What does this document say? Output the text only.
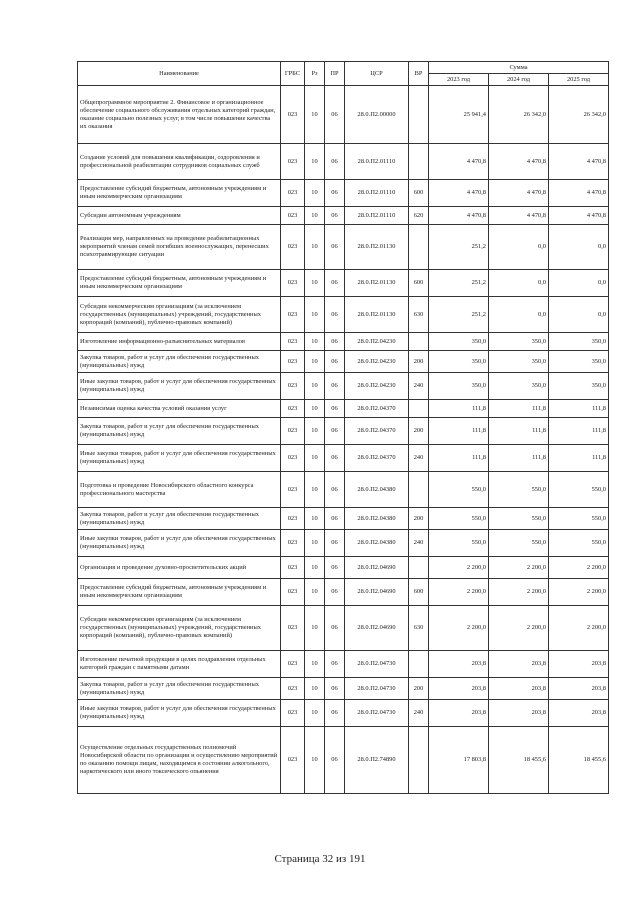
Наименование	ГРБС	Рз	ПР	ЦСР	ВР	Сумма		
						2023 год	2024 год	2025 год
Общепрограммное мероприятие 2. Финансовое и организационное обеспечение социального обслуживания отдельных категорий граждан, оказание социально полезных услуг, в том числе повышение качества их оказания	023	10	06	28.0.П2.00000		25 941,4	26 342,0	26 342,0
Создание условий для повышения квалификации, оздоровления и профессиональной реабилитации сотрудников социальных служб	023	10	06	28.0.П2.01110		4 470,8	4 470,8	4 470,8
Предоставление субсидий бюджетным, автономным учреждениям и иным некоммерческим организациям	023	10	06	28.0.П2.01110	600	4 470,8	4 470,8	4 470,8
Субсидии автономным учреждениям	023	10	06	28.0.П2.01110	620	4 470,8	4 470,8	4 470,8
Реализация мер, направленных на проведение реабилитационных мероприятий членам семей погибших военнослужащих, перенесших психотравмирующие ситуации	023	10	06	28.0.П2.01130		251,2	0,0	0,0
Предоставление субсидий бюджетным, автономным учреждениям и иным некоммерческим организациям	023	10	06	28.0.П2.01130	600	251,2	0,0	0,0
Субсидии некоммерческим организациям (за исключением государственных (муниципальных) учреждений, государственных корпораций (компаний), публично-правовых компаний)	023	10	06	28.0.П2.01130	630	251,2	0,0	0,0
Изготовление информационно-разъяснительных материалов	023	10	06	28.0.П2.04230		350,0	350,0	350,0
Закупка товаров, работ и услуг для обеспечения государственных (муниципальных) нужд	023	10	06	28.0.П2.04230	200	350,0	350,0	350,0
Иные закупки товаров, работ и услуг для обеспечения государственных (муниципальных) нужд	023	10	06	28.0.П2.04230	240	350,0	350,0	350,0
Независимая оценка качества условий оказания услуг	023	10	06	28.0.П2.04370		111,8	111,8	111,8
Закупка товаров, работ и услуг для обеспечения государственных (муниципальных) нужд	023	10	06	28.0.П2.04370	200	111,8	111,8	111,8
Иные закупки товаров, работ и услуг для обеспечения государственных (муниципальных) нужд	023	10	06	28.0.П2.04370	240	111,8	111,8	111,8
Подготовка и проведение Новосибирского областного конкурса профессионального мастерства	023	10	06	28.0.П2.04380		550,0	550,0	550,0
Закупка товаров, работ и услуг для обеспечения государственных (муниципальных) нужд	023	10	06	28.0.П2.04380	200	550,0	550,0	550,0
Иные закупки товаров, работ и услуг для обеспечения государственных (муниципальных) нужд	023	10	06	28.0.П2.04380	240	550,0	550,0	550,0
Организация и проведение духовно-просветительских акций	023	10	06	28.0.П2.04690		2 200,0	2 200,0	2 200,0
Предоставление субсидий бюджетным, автономным учреждениям и иным некоммерческим организациям	023	10	06	28.0.П2.04690	600	2 200,0	2 200,0	2 200,0
Субсидии некоммерческим организациям (за исключением государственных (муниципальных) учреждений, государственных корпораций (компаний), публично-правовых компаний)	023	10	06	28.0.П2.04690	630	2 200,0	2 200,0	2 200,0
Изготовление печатной продукции в целях поздравления отдельных категорий граждан с памятными датами	023	10	06	28.0.П2.04730		203,8	203,8	203,8
Закупка товаров, работ и услуг для обеспечения государственных (муниципальных) нужд	023	10	06	28.0.П2.04730	200	203,8	203,8	203,8
Иные закупки товаров, работ и услуг для обеспечения государственных (муниципальных) нужд	023	10	06	28.0.П2.04730	240	203,8	203,8	203,8
Осуществление отдельных государственных полномочий Новосибирской области по организации и осуществлению мероприятий по оказанию помощи лицам, находящимся в состоянии алкогольного, наркотического или иного токсического опьянения	023	10	06	28.0.П2.74890		17 803,8	18 455,6	18 455,6
Страница 32 из 191
